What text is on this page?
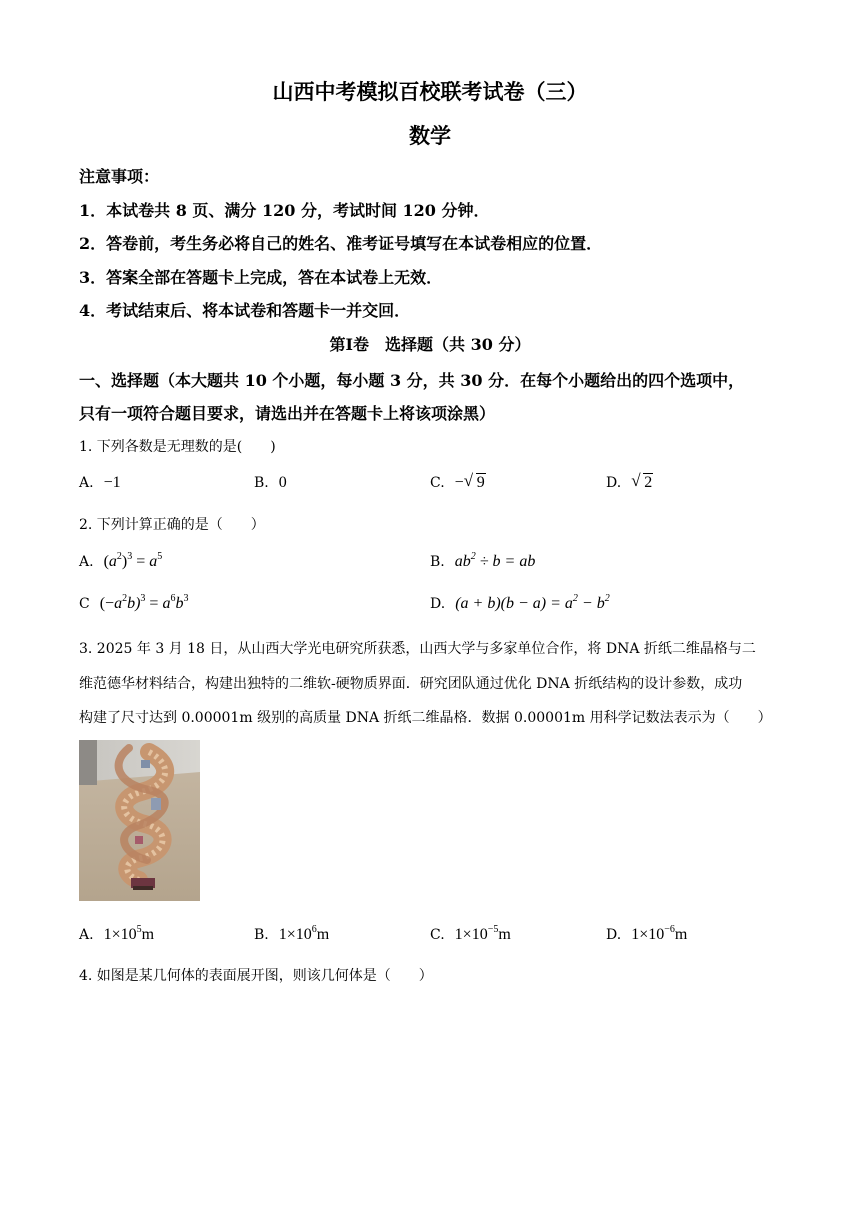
山西中考模拟百校联考试卷（三）
数学
注意事项：
1．本试卷共 8 页、满分 120 分，考试时间 120 分钟．
2．答卷前，考生务必将自己的姓名、准考证号填写在本试卷相应的位置．
3．答案全部在答题卡上完成，答在本试卷上无效．
4．考试结束后、将本试卷和答题卡一并交回．
第Ⅰ卷　选择题（共 30 分）
一、选择题（本大题共 10 个小题，每小题 3 分，共 30 分．在每个小题给出的四个选项中，
只有一项符合题目要求，请选出并在答题卡上将该项涂黑）
1. 下列各数是无理数的是(　　)
A. −1	B. 0	C. − √ 9	D. √ 2
2. 下列计算正确的是（　　）
A. $(a^2)^3 = a^5$	B. $ab^2 \div b$ = ab
C $(-a^2b)^3 = a^6b^3$	D. $(a + b)(b - a) = a^2 - b^2$
3. 2025 年 3 月 18 日，从山西大学光电研究所获悉，山西大学与多家单位合作，将 DNA 折纸二维晶格与二
维范德华材料结合，构建出独特的二维软-硬物质界面．研究团队通过优化 DNA 折纸结构的设计参数，成功
构建了尺寸达到 0.00001m 级别的高质量 DNA 折纸二维晶格．数据 0.00001m 用科学记数法表示为（　　）
A. $1\times 10^5m$	B. $1\times 10^6m$	C. $1\times 10^{-5}m$	D. $1\times 10^{-6}m$
4. 如图是某几何体的表面展开图，则该几何体是（　　）
